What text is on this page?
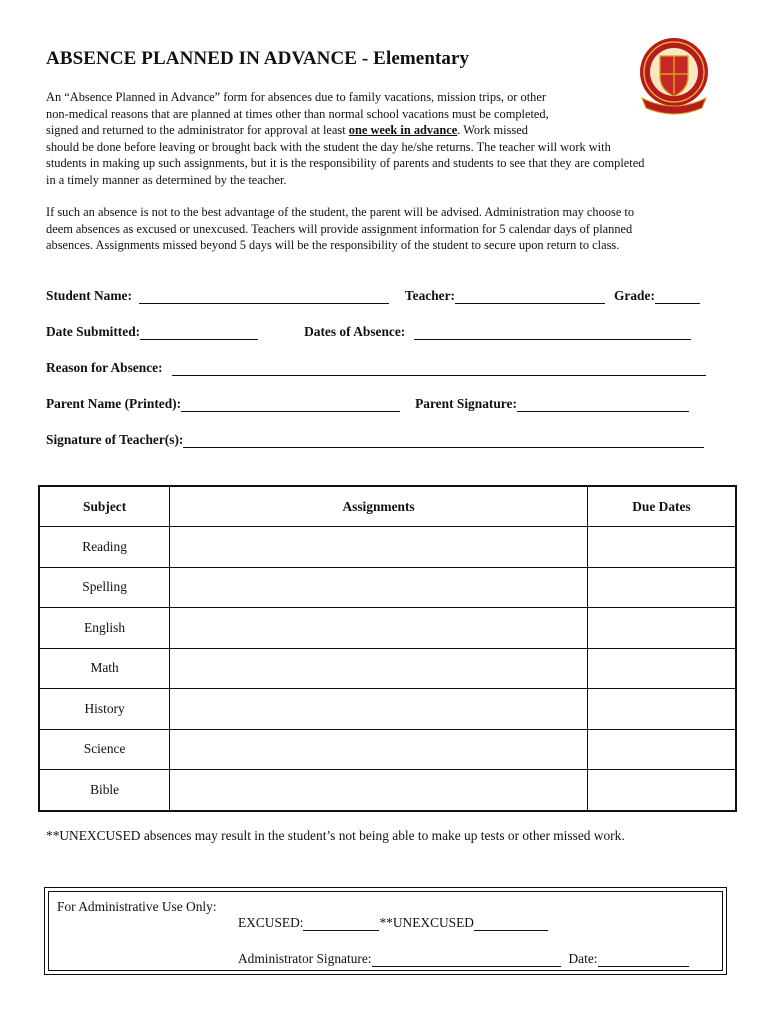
ABSENCE PLANNED IN ADVANCE - Elementary
An “Absence Planned in Advance” form for absences due to family vacations, mission trips, or other
non-medical reasons that are planned at times other than normal school vacations must be completed,
signed and returned to the administrator for approval at least one week in advance. Work missed
should be done before leaving or brought back with the student the day he/she returns. The teacher will work with
students in making up such assignments, but it is the responsibility of parents and students to see that they are completed
in a timely manner as determined by the teacher.
If such an absence is not to the best advantage of the student, the parent will be advised. Administration may choose to
deem absences as excused or unexcused. Teachers will provide assignment information for 5 calendar days of planned
absences. Assignments missed beyond 5 days will be the responsibility of the student to secure upon return to class.
Student Name:	Teacher:	Grade:
Date Submitted:	Dates of Absence:
Reason for Absence:
Parent Name (Printed):	Parent Signature:
Signature of Teacher(s):
Subject	Assignments	Due Dates
Reading		
Spelling		
English		
Math		
History		
Science		
Bible		
**UNEXCUSED absences may result in the student’s not being able to make up tests or other missed work.
For Administrative Use Only:
EXCUSED:	**UNEXCUSED
Administrator Signature:	Date:
